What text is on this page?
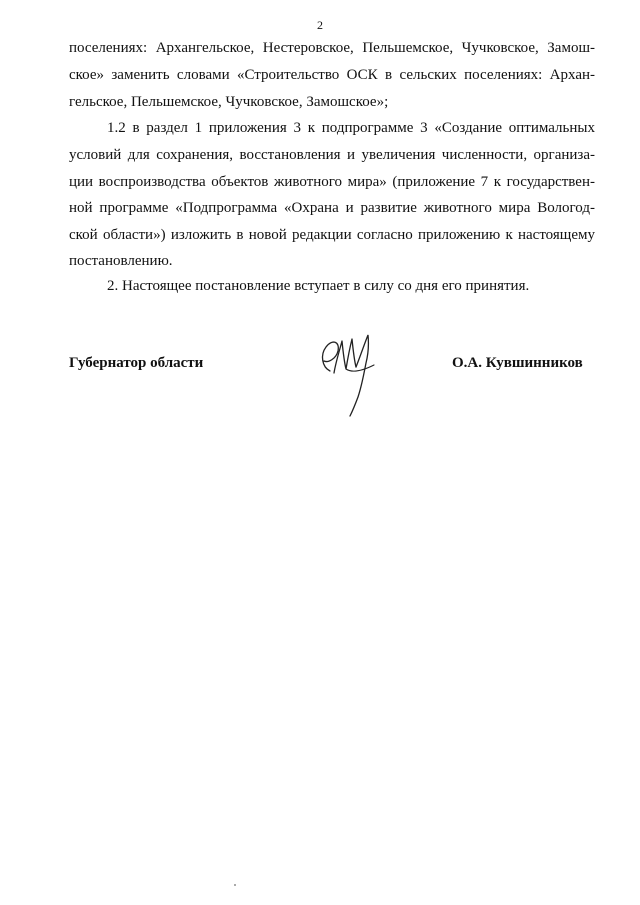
2
поселениях: Архангельское, Нестеровское, Пельшемское, Чучковское, Замош-
ское» заменить словами «Строительство ОСК в сельских поселениях: Архан-
гельское, Пельшемское, Чучковское, Замошское»;
1.2 в раздел 1 приложения 3 к подпрограмме 3 «Создание оптимальных
условий для сохранения, восстановления и увеличения численности, организа-
ции воспроизводства объектов животного мира» (приложение 7 к государствен-
ной программе «Подпрограмма «Охрана и развитие животного мира Вологод-
ской области») изложить в новой редакции согласно приложению к настоящему
постановлению.
2. Настоящее постановление вступает в силу со дня его принятия.
Губернатор области	О.А. Кувшинников
